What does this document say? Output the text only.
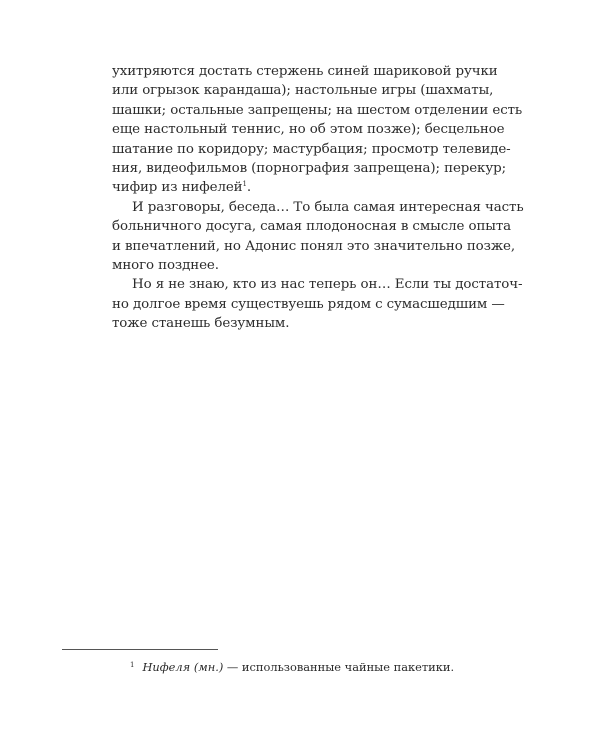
ухитряются достать стержень синей шариковой ручки
или огрызок карандаша); настольные игры (шахматы,
шашки; остальные запрещены; на шестом отделении есть
еще настольный теннис, но об этом позже); бесцельное
шатание по коридору; мастурбация; просмотр телевиде-
ния, видеофильмов (порнография запрещена); перекур;
чифир из нифелей$^1$.
И разговоры, беседа… То была самая интересная часть
больничного досуга, самая плодоносная в смысле опыта
и впечатлений, но Адонис понял это значительно позже,
много позднее.
Но я не знаю, кто из нас теперь он… Если ты достаточ-
но долгое время существуешь рядом с сумасшедшим —
тоже станешь безумным.
$^1$ Нифеля (мн.) — использованные чайные пакетики.
